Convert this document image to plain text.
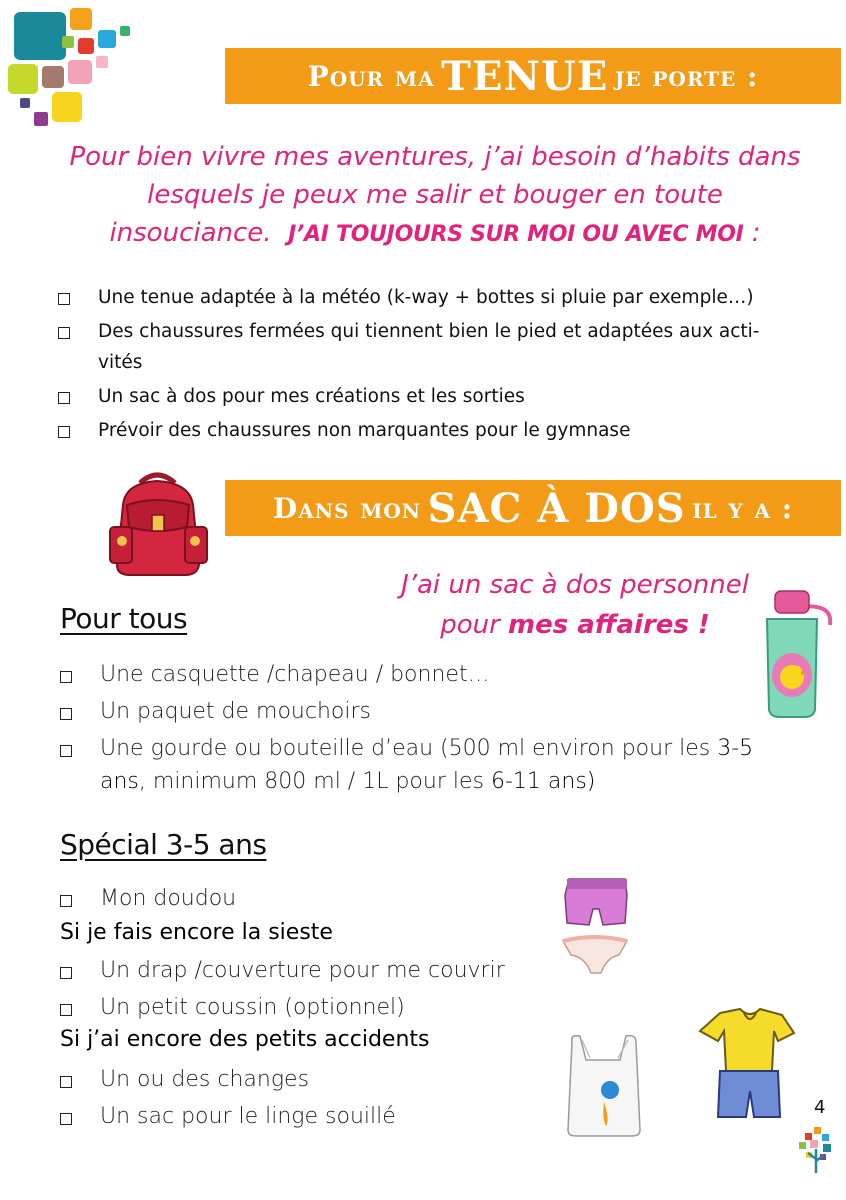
Pour ma
TENUE
je porte :
Pour bien vivre mes aventures, j’ai besoin d’habits dans
lesquels je peux me salir et bouger en toute
insouciance. J’AI TOUJOURS SUR MOI OU AVEC MOI :
Une tenue adaptée à la météo (k-way + bottes si pluie par exemple…)
Des chaussures fermées qui tiennent bien le pied et adaptées aux acti-vités
Un sac à dos pour mes créations et les sorties
Prévoir des chaussures non marquantes pour le gymnase
Dans mon
SAC À DOS
il y a :
J’ai un sac à dos personnel
pour mes affaires !
Pour tous
Une casquette /chapeau / bonnet…
Un paquet de mouchoirs
Une gourde ou bouteille d’eau (500 ml environ pour les 3-5 ans, minimum 800 ml / 1L pour les 6-11 ans)
Spécial 3-5 ans
Mon doudou
Si je fais encore la sieste
Un drap /couverture pour me couvrir
Un petit coussin (optionnel)
Si j’ai encore des petits accidents
Un ou des changes
Un sac pour le linge souillé	4
